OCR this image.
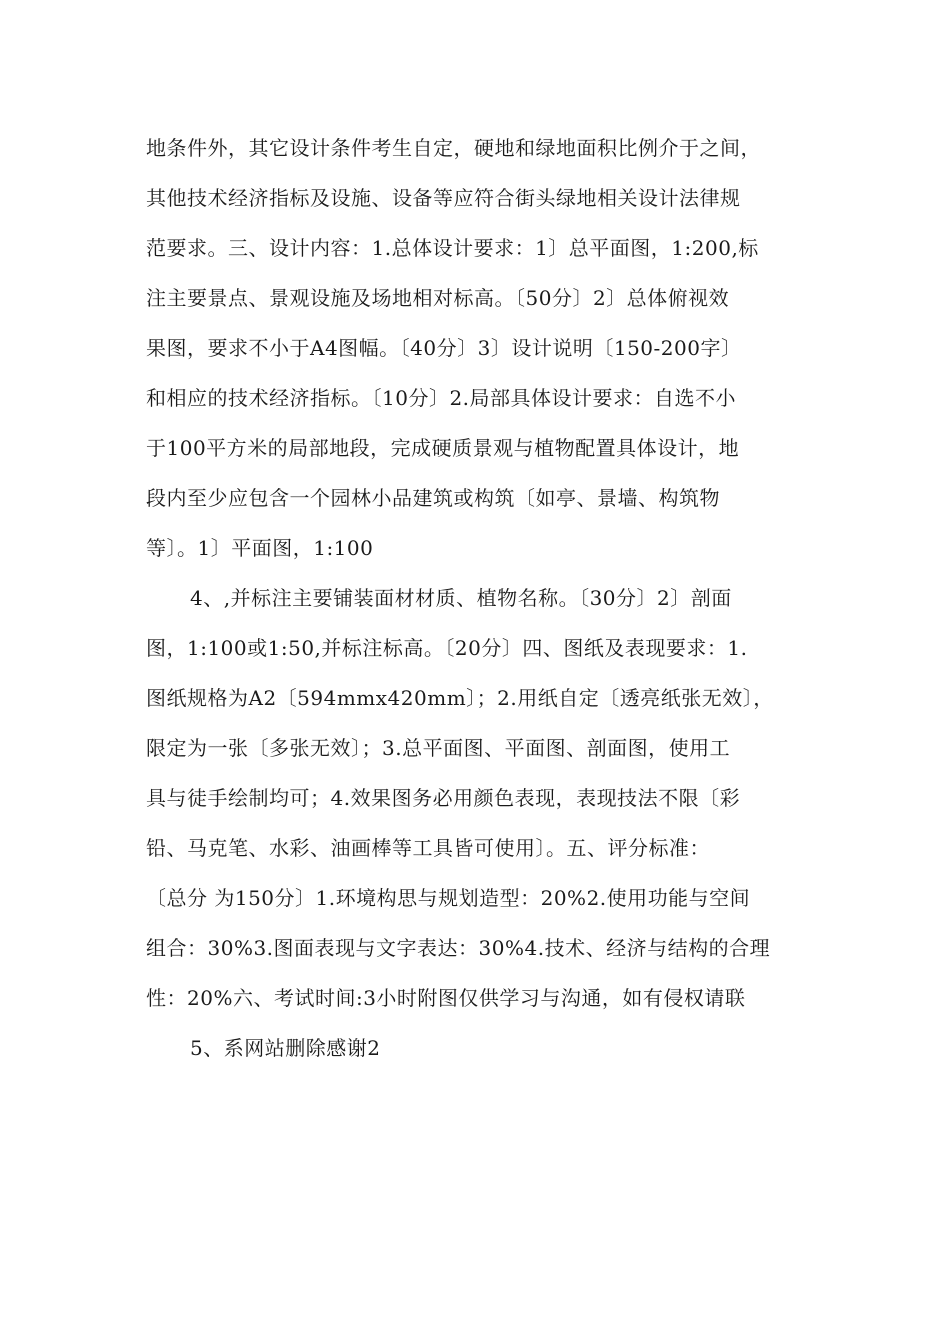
地条件外，其它设计条件考生自定，硬地和绿地面积比例介于之间，
其他技术经济指标及设施、设备等应符合街头绿地相关设计法律规
范要求。三、设计内容：1.总体设计要求：1〕总平面图，1:200,标
注主要景点、景观设施及场地相对标高。〔50分〕2〕总体俯视效
果图，要求不小于A4图幅。〔40分〕3〕设计说明〔150-200字〕
和相应的技术经济指标。〔10分〕2.局部具体设计要求：自选不小
于100平方米的局部地段，完成硬质景观与植物配置具体设计，地
段内至少应包含一个园林小品建筑或构筑〔如亭、景墙、构筑物
等〕。1〕平面图，1:100
4、,并标注主要铺装面材材质、植物名称。〔30分〕2〕剖面
图，1:100或1:50,并标注标高。〔20分〕四、图纸及表现要求：1.
图纸规格为A2〔594mmx420mm〕；2.用纸自定〔透亮纸张无效〕，
限定为一张〔多张无效〕；3.总平面图、平面图、剖面图，使用工
具与徒手绘制均可；4.效果图务必用颜色表现，表现技法不限〔彩
铅、马克笔、水彩、油画棒等工具皆可使用〕。五、评分标准：
〔总分 为150分〕1.环境构思与规划造型：20%2.使用功能与空间
组合：30%3.图面表现与文字表达：30%4.技术、经济与结构的合理
性：20%六、考试时间:3小时附图仅供学习与沟通，如有侵权请联
5、系网站删除感谢2
